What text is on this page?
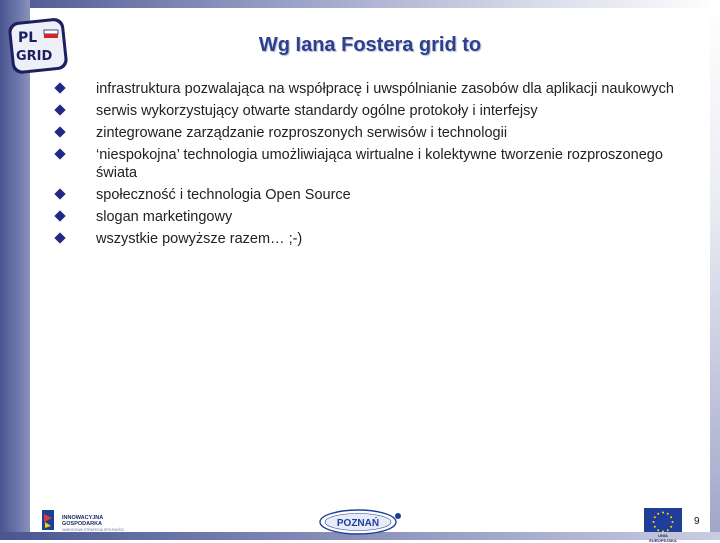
PL
GRID
Wg Iana Fostera grid to
infrastruktura pozwalająca na współpracę i uwspólnianie zasobów dla aplikacji naukowych
serwis wykorzystujący otwarte standardy ogólne protokoły i interfejsy
zintegrowane zarządzanie rozproszonych serwisów i technologii
‘niespokojna’ technologia umożliwiająca wirtualne i kolektywne tworzenie rozproszonego świata
społeczność i technologia Open Source
slogan marketingowy
wszystkie powyższe razem… ;-)
INNOWACYJNA
GOSPODARKA
NARODOWA STRATEGIA SPÓJNOŚCI
POZNAŃ
UNIA EUROPEJSKA
9
